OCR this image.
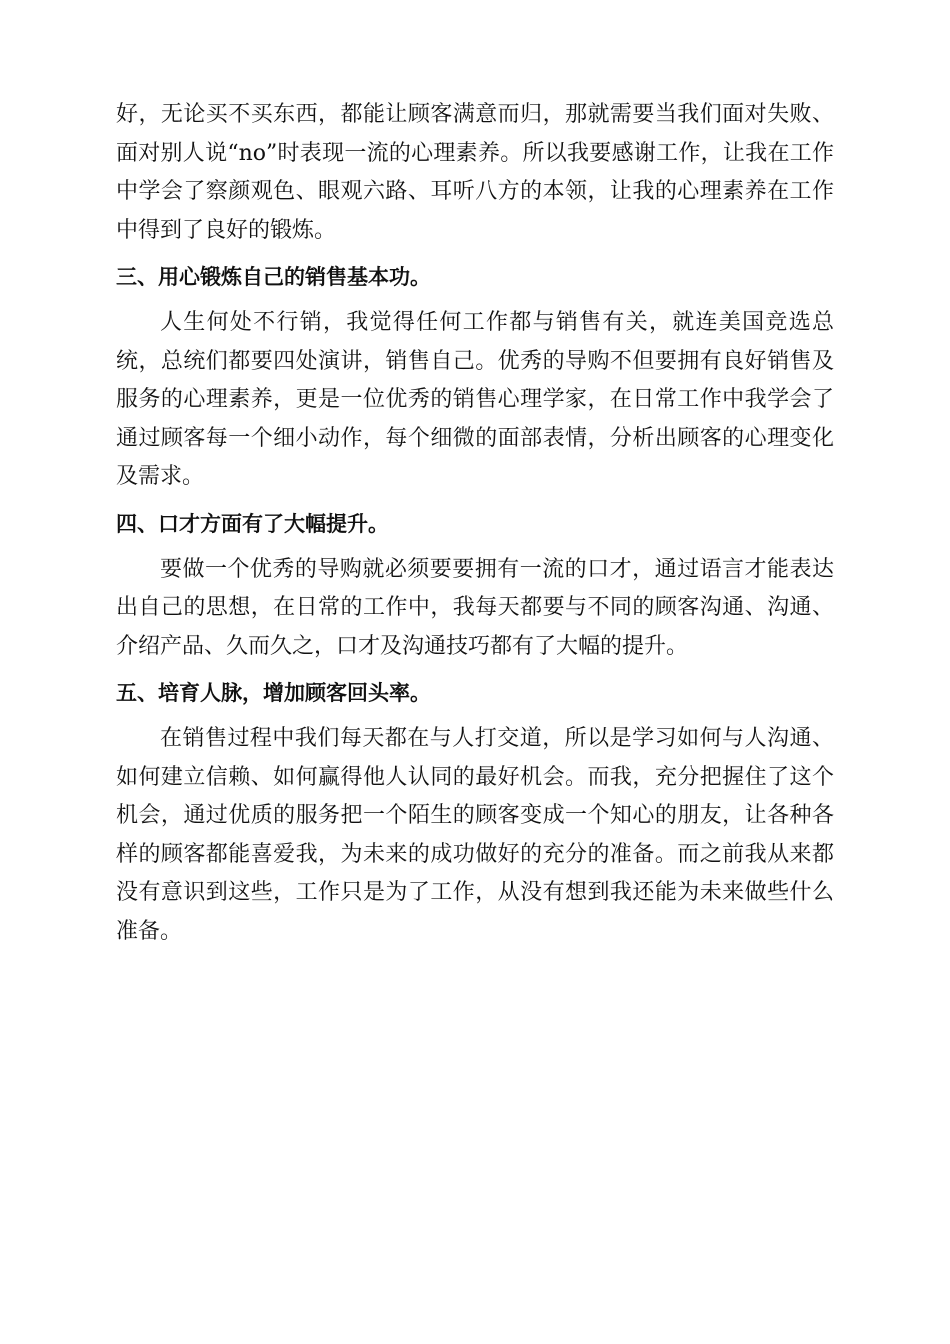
好，无论买不买东西，都能让顾客满意而归，那就需要当我们面对失败、面对别人说“no”时表现一流的心理素养。所以我要感谢工作，让我在工作中学会了察颜观色、眼观六路、耳听八方的本领，让我的心理素养在工作中得到了良好的锻炼。

三、用心锻炼自己的销售基本功。

人生何处不行销，我觉得任何工作都与销售有关，就连美国竞选总统，总统们都要四处演讲，销售自己。优秀的导购不但要拥有良好销售及服务的心理素养，更是一位优秀的销售心理学家，在日常工作中我学会了通过顾客每一个细小动作，每个细微的面部表情，分析出顾客的心理变化及需求。

四、口才方面有了大幅提升。

要做一个优秀的导购就必须要要拥有一流的口才，通过语言才能表达出自己的思想，在日常的工作中，我每天都要与不同的顾客沟通、沟通、介绍产品、久而久之，口才及沟通技巧都有了大幅的提升。

五、培育人脉，增加顾客回头率。

在销售过程中我们每天都在与人打交道，所以是学习如何与人沟通、如何建立信赖、如何赢得他人认同的最好机会。而我，充分把握住了这个机会，通过优质的服务把一个陌生的顾客变成一个知心的朋友，让各种各样的顾客都能喜爱我，为未来的成功做好的充分的准备。而之前我从来都没有意识到这些，工作只是为了工作，从没有想到我还能为未来做些什么准备。
